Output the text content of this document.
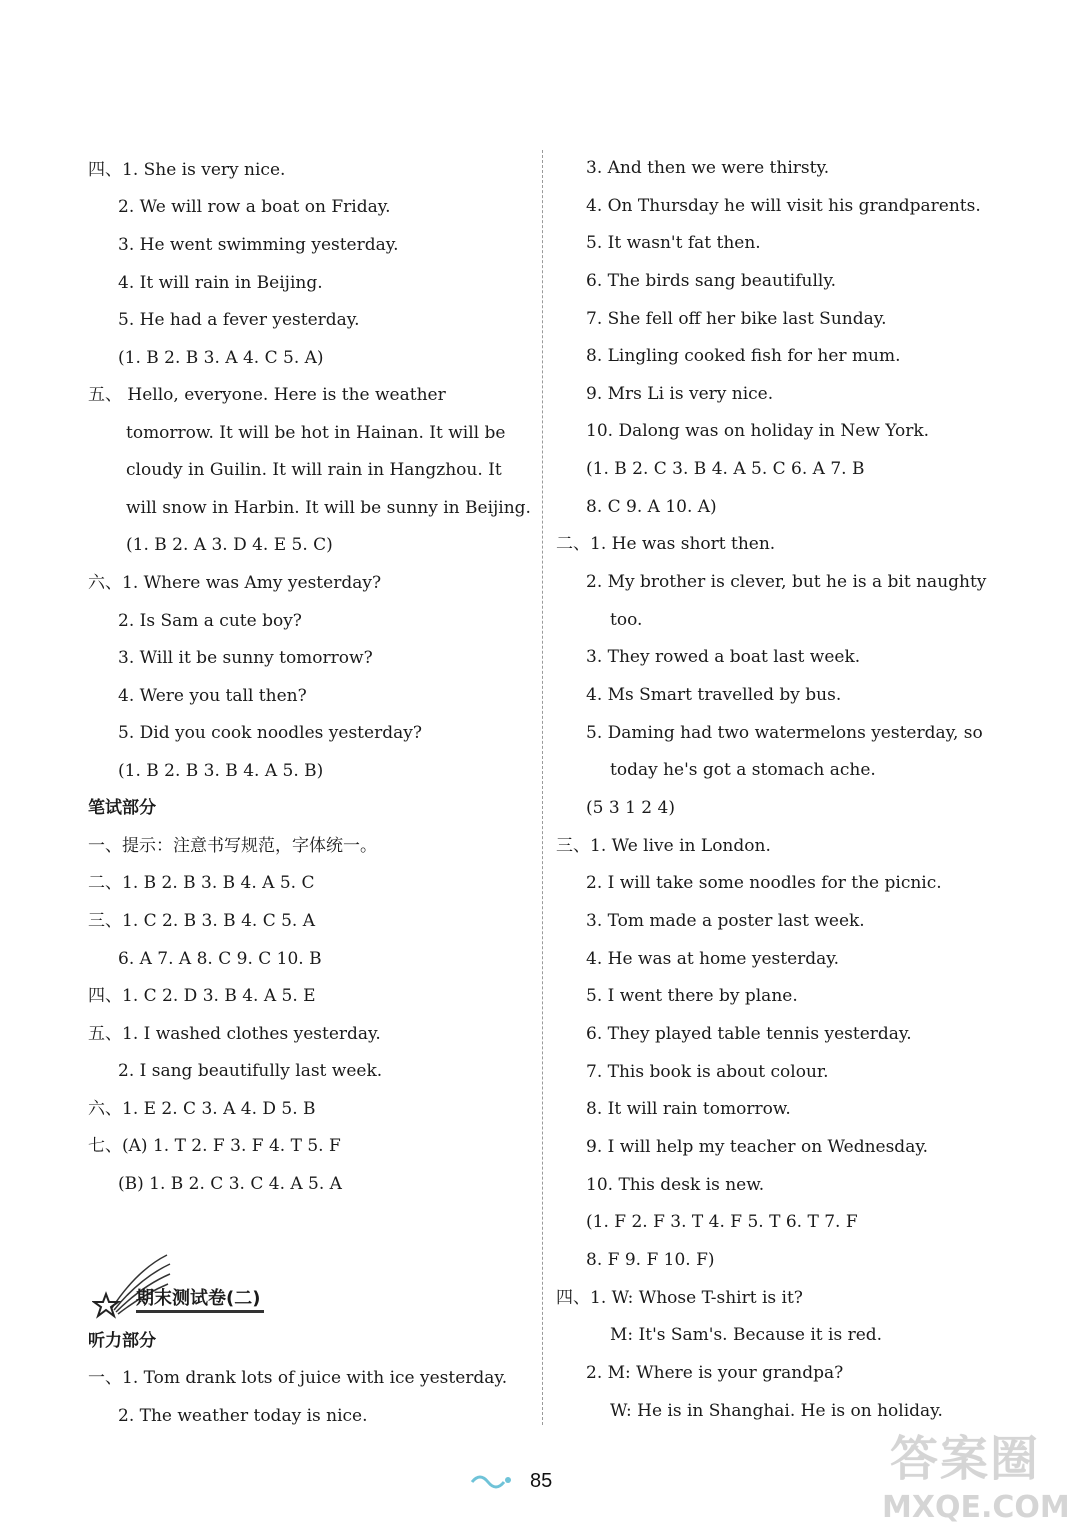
四、1. She is very nice.
2. We will row a boat on Friday.
3. He went swimming yesterday.
4. It will rain in Beijing.
5. He had a fever yesterday.
(1. B 2. B 3. A 4. C 5. A)
五、 Hello, everyone. Here is the weather
tomorrow. It will be hot in Hainan. It will be
cloudy in Guilin. It will rain in Hangzhou. It
will snow in Harbin. It will be sunny in Beijing.
(1. B 2. A 3. D 4. E 5. C)
六、1. Where was Amy yesterday?
2. Is Sam a cute boy?
3. Will it be sunny tomorrow?
4. Were you tall then?
5. Did you cook noodles yesterday?
(1. B 2. B 3. B 4. A 5. B)
笔试部分
一、提示：注意书写规范，字体统一。
二、1. B 2. B 3. B 4. A 5. C
三、1. C 2. B 3. B 4. C 5. A
6. A 7. A 8. C 9. C 10. B
四、1. C 2. D 3. B 4. A 5. E
五、1. I washed clothes yesterday.
2. I sang beautifully last week.
六、1. E 2. C 3. A 4. D 5. B
七、(A) 1. T 2. F 3. F 4. T 5. F
(B) 1. B 2. C 3. C 4. A 5. A
听力部分
一、1. Tom drank lots of juice with ice yesterday.
2. The weather today is nice.
期末测试卷(二)
3. And then we were thirsty.
4. On Thursday he will visit his grandparents.
5. It wasn't fat then.
6. The birds sang beautifully.
7. She fell off her bike last Sunday.
8. Lingling cooked fish for her mum.
9. Mrs Li is very nice.
10. Dalong was on holiday in New York.
(1. B 2. C 3. B 4. A 5. C 6. A 7. B
8. C 9. A 10. A)
二、1. He was short then.
2. My brother is clever, but he is a bit naughty
too.
3. They rowed a boat last week.
4. Ms Smart travelled by bus.
5. Daming had two watermelons yesterday, so
today he's got a stomach ache.
(5 3 1 2 4)
三、1. We live in London.
2. I will take some noodles for the picnic.
3. Tom made a poster last week.
4. He was at home yesterday.
5. I went there by plane.
6. They played table tennis yesterday.
7. This book is about colour.
8. It will rain tomorrow.
9. I will help my teacher on Wednesday.
10. This desk is new.
(1. F 2. F 3. T 4. F 5. T 6. T 7. F
8. F 9. F 10. F)
四、1. W: Whose T-shirt is it?
M: It's Sam's. Because it is red.
2. M: Where is your grandpa?
W: He is in Shanghai. He is on holiday.
85	答案圈
MXQE.COM
